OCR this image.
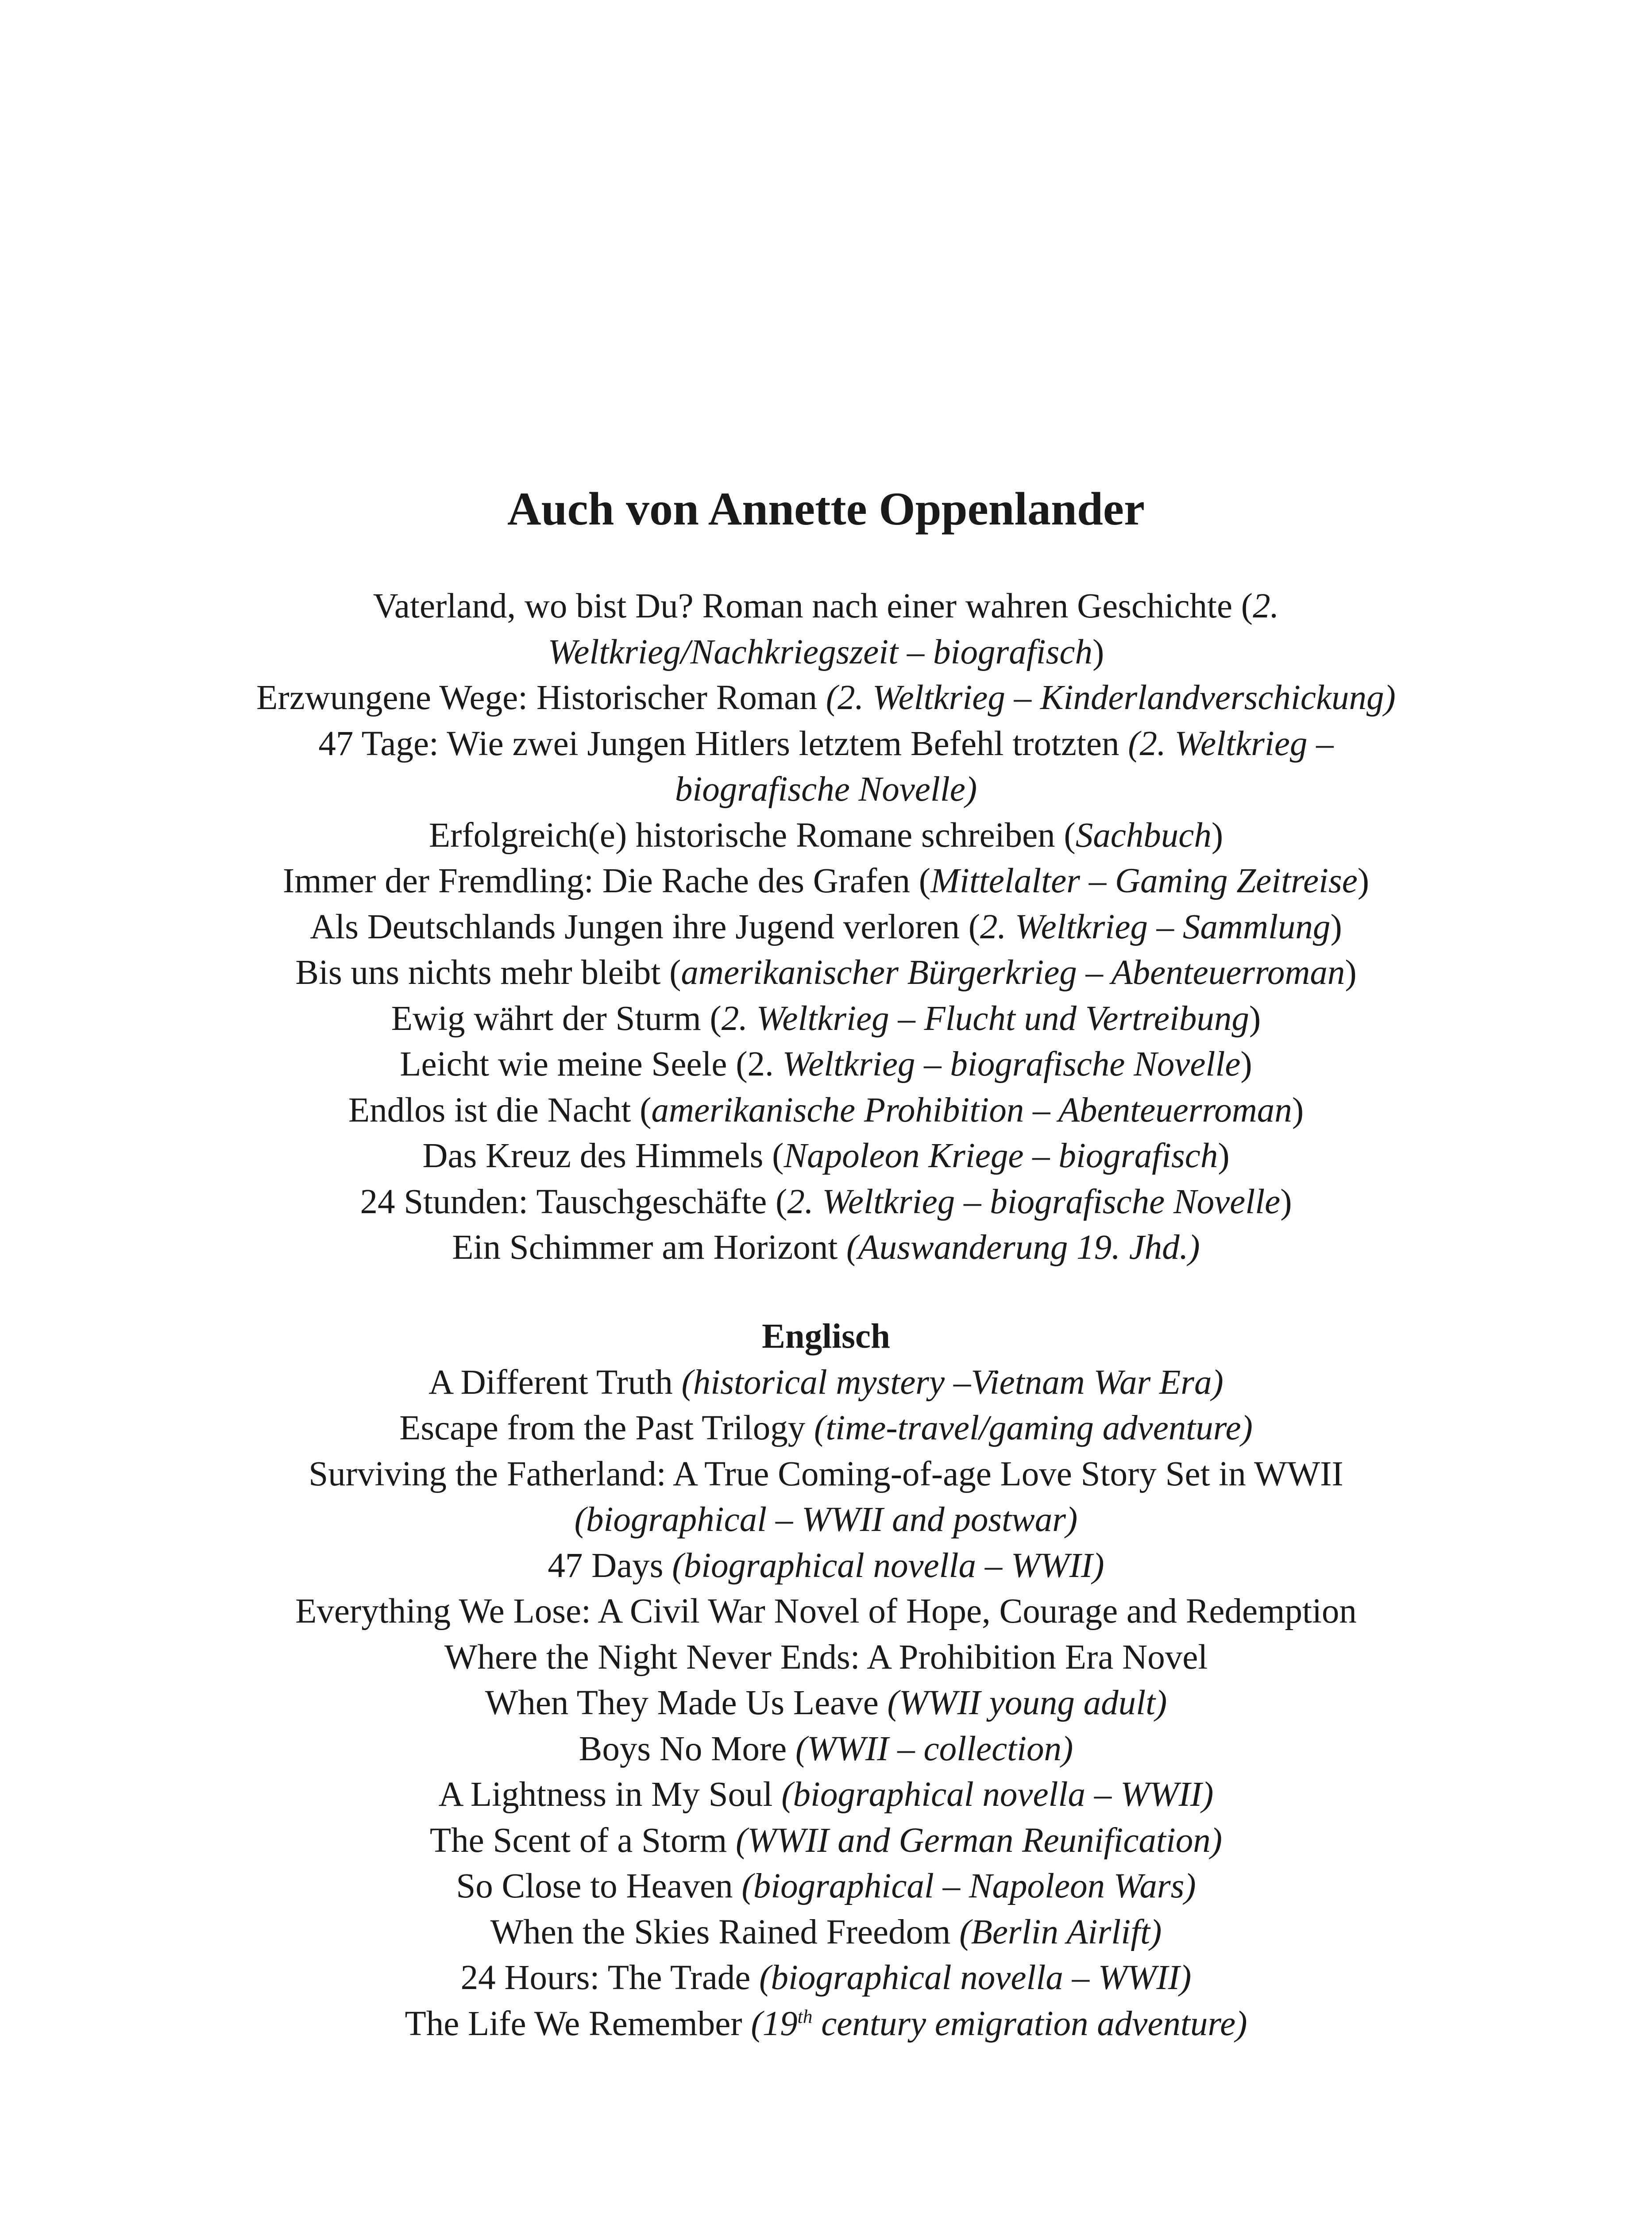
Auch von Annette Oppenlander
Vaterland, wo bist Du? Roman nach einer wahren Geschichte (2.
Weltkrieg/Nachkriegszeit – biografisch)
Erzwungene Wege: Historischer Roman (2. Weltkrieg – Kinderlandverschickung)
47 Tage: Wie zwei Jungen Hitlers letztem Befehl trotzten (2. Weltkrieg –
biografische Novelle)
Erfolgreich(e) historische Romane schreiben (Sachbuch)
Immer der Fremdling: Die Rache des Grafen (Mittelalter – Gaming Zeitreise)
Als Deutschlands Jungen ihre Jugend verloren (2. Weltkrieg – Sammlung)
Bis uns nichts mehr bleibt (amerikanischer Bürgerkrieg – Abenteuerroman)
Ewig währt der Sturm (2. Weltkrieg – Flucht und Vertreibung)
Leicht wie meine Seele (2. Weltkrieg – biografische Novelle)
Endlos ist die Nacht (amerikanische Prohibition – Abenteuerroman)
Das Kreuz des Himmels (Napoleon Kriege – biografisch)
24 Stunden: Tauschgeschäfte (2. Weltkrieg – biografische Novelle)
Ein Schimmer am Horizont (Auswanderung 19. Jhd.)
Englisch
A Different Truth (historical mystery –Vietnam War Era)
Escape from the Past Trilogy (time-travel/gaming adventure)
Surviving the Fatherland: A True Coming-of-age Love Story Set in WWII
(biographical – WWII and postwar)
47 Days (biographical novella – WWII)
Everything We Lose: A Civil War Novel of Hope, Courage and Redemption
Where the Night Never Ends: A Prohibition Era Novel
When They Made Us Leave (WWII young adult)
Boys No More (WWII – collection)
A Lightness in My Soul (biographical novella – WWII)
The Scent of a Storm (WWII and German Reunification)
So Close to Heaven (biographical – Napoleon Wars)
When the Skies Rained Freedom (Berlin Airlift)
24 Hours: The Trade (biographical novella – WWII)
The Life We Remember (19th century emigration adventure)
